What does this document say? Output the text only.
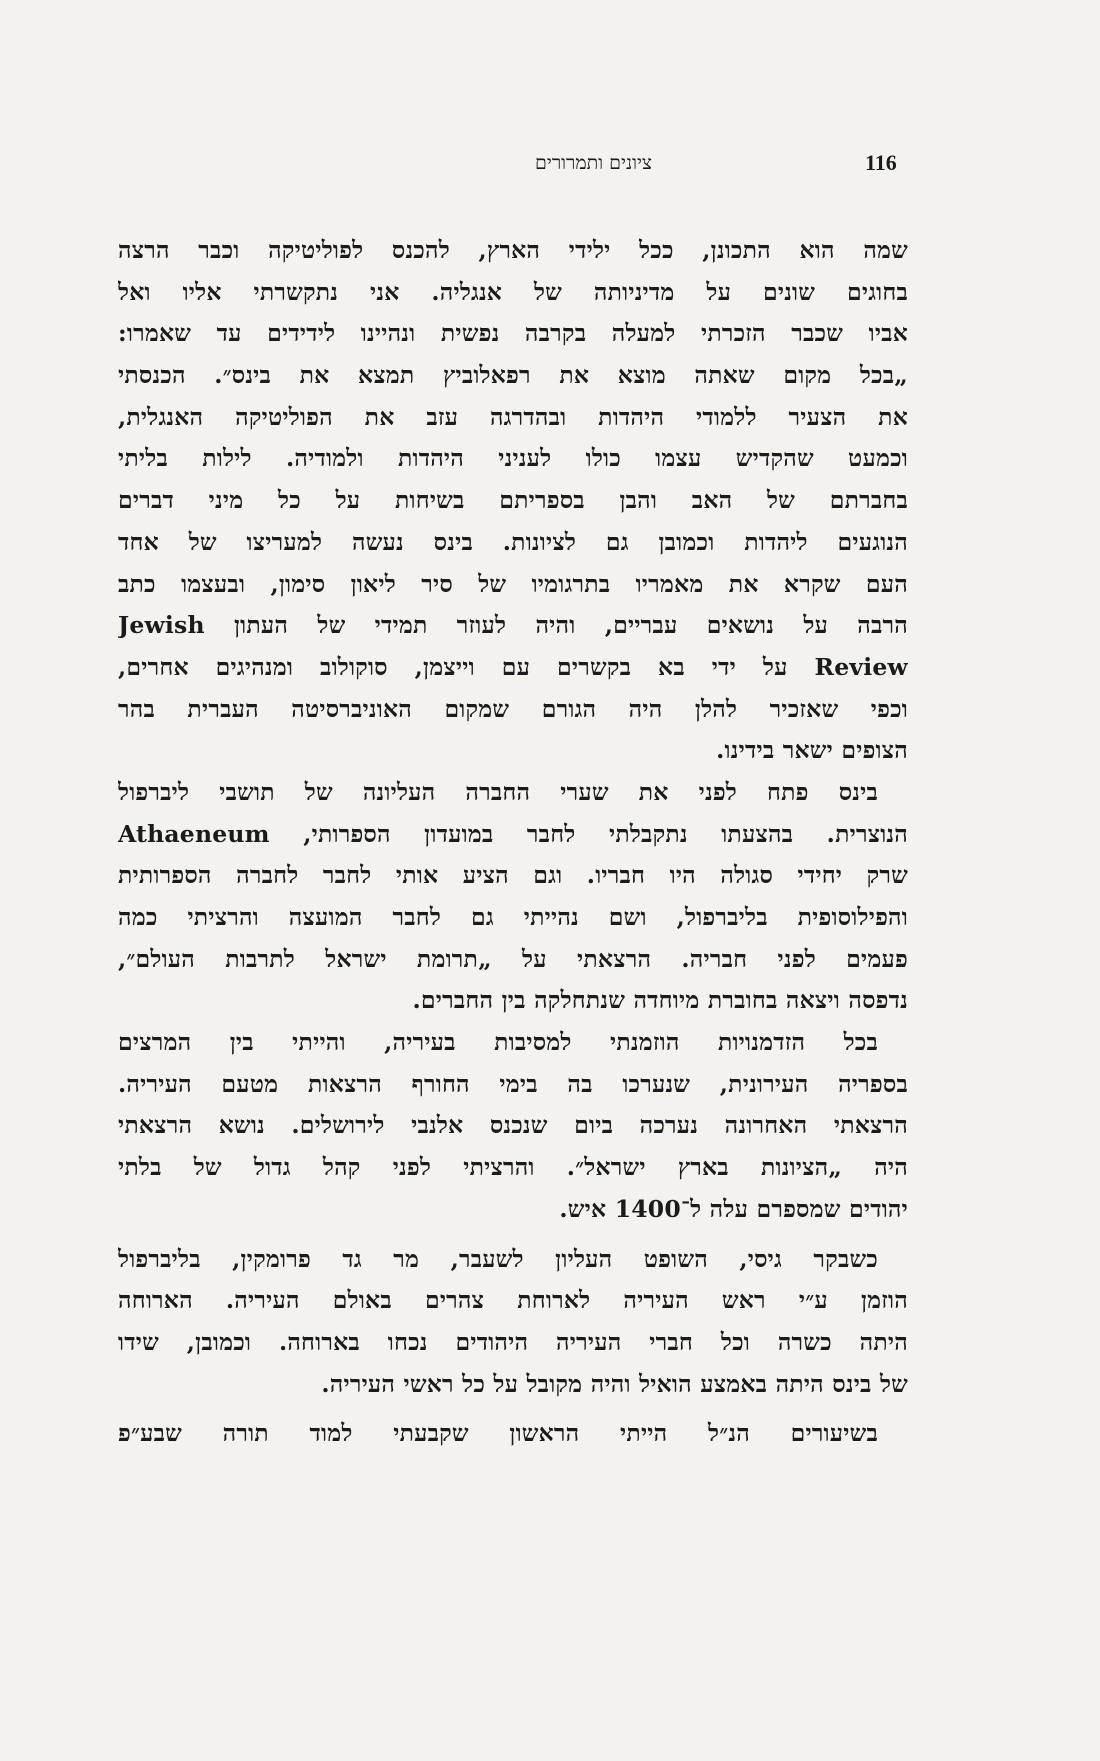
116
ציונים ותמרורים
שמה הוא התכונן, ככל ילידי הארץ, להכנס לפוליטיקה וכבר הרצה
בחוגים שונים על מדיניותה של אנגליה. אני נתקשרתי אליו ואל
אביו שכבר הזכרתי למעלה בקרבה נפשית ונהיינו לידידים עד שאמרו:
„בכל מקום שאתה מוצא את רפאלוביץ תמצא את בינס״. הכנסתי
את הצעיר ללמודי היהדות ובהדרגה עזב את הפוליטיקה האנגלית,
וכמעט שהקדיש עצמו כולו לעניני היהדות ולמודיה. לילות בליתי
בחברתם של האב והבן בספריתם בשיחות על כל מיני דברים
הנוגעים ליהדות וכמובן גם לציונות. בינס נעשה למעריצו של אחד
העם שקרא את מאמריו בתרגומיו של סיר ליאון סימון, ובעצמו כתב
הרבה על נושאים עבריים, והיה לעוזר תמידי של העתון Jewish
Review על ידי בא בקשרים עם וייצמן, סוקולוב ומנהיגים אחרים,
וכפי שאזכיר להלן היה הגורם שמקום האוניברסיטה העברית בהר
הצופים ישאר בידינו.
בינס פתח לפני את שערי החברה העליונה של תושבי ליברפול
הנוצרית. בהצעתו נתקבלתי לחבר במועדון הספרותי, Athaeneum
שרק יחידי סגולה היו חבריו. וגם הציע אותי לחבר לחברה הספרותית
והפילוסופית בליברפול, ושם נהייתי גם לחבר המועצה והרציתי כמה
פעמים לפני חבריה. הרצאתי על „תרומת ישראל לתרבות העולם״,
נדפסה ויצאה בחוברת מיוחדה שנתחלקה בין החברים.
בכל הזדמנויות הוזמנתי למסיבות בעיריה, והייתי בין המרצים
בספריה העירונית, שנערכו בה בימי החורף הרצאות מטעם העיריה.
הרצאתי האחרונה נערכה ביום שנכנס אלנבי לירושלים. נושא הרצאתי
היה „הציונות בארץ ישראל״. והרציתי לפני קהל גדול של בלתי
יהודים שמספרם עלה ל־1400 איש.
כשבקר גיסי, השופט העליון לשעבר, מר גד פרומקין, בליברפול
הוזמן ע״י ראש העיריה לארוחת צהרים באולם העיריה. הארוחה
היתה כשרה וכל חברי העיריה היהודים נכחו בארוחה. וכמובן, שידו
של בינס היתה באמצע הואיל והיה מקובל על כל ראשי העיריה.
בשיעורים הנ״ל הייתי הראשון שקבעתי למוד תורה שבע״פ
